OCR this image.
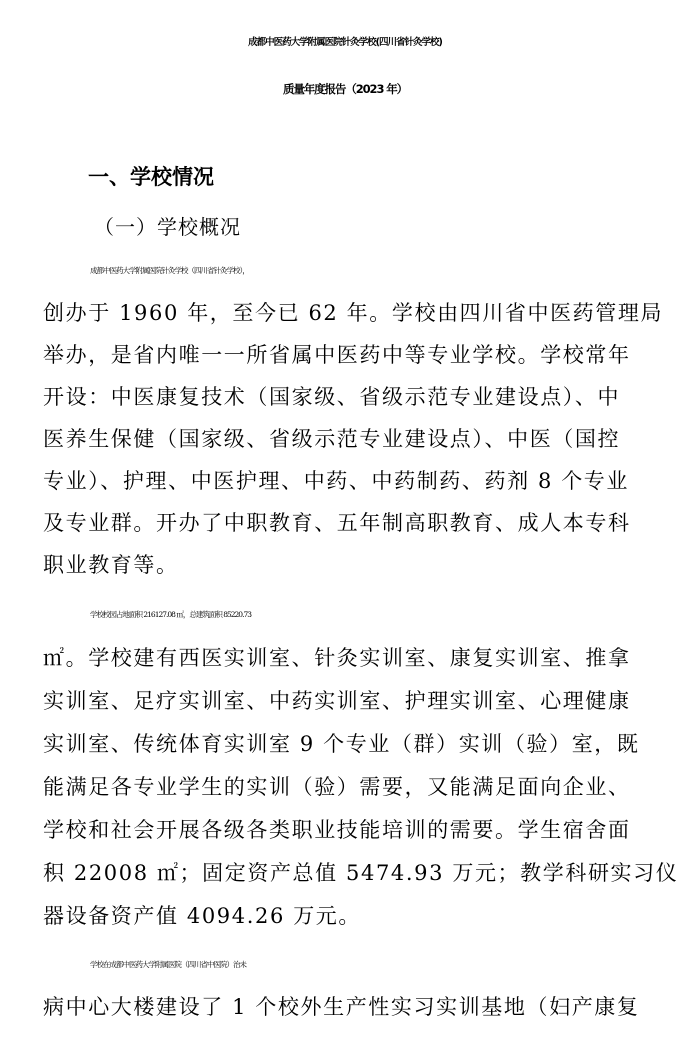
成都中医药大学附属医院针灸学校(四川省针灸学校)
质量年度报告（2023 年）
一、学校情况
（一）学校概况
成都中医药大学附属医院针灸学校（四川省针灸学校），
创办于 1960 年，至今已 62 年。学校由四川省中医药管理局
举办，是省内唯一一所省属中医药中等专业学校。学校常年
开设：中医康复技术（国家级、省级示范专业建设点）、中
医养生保健（国家级、省级示范专业建设点）、中医（国控
专业）、护理、中医护理、中药、中药制药、药剂 8 个专业
及专业群。开办了中职教育、五年制高职教育、成人本专科
职业教育等。
学校校园占地面积 216127.08 ㎡，总建筑面积 85220.73
㎡。学校建有西医实训室、针灸实训室、康复实训室、推拿
实训室、足疗实训室、中药实训室、护理实训室、心理健康
实训室、传统体育实训室 9 个专业（群）实训（验）室，既
能满足各专业学生的实训（验）需要，又能满足面向企业、
学校和社会开展各级各类职业技能培训的需要。学生宿舍面
积 22008 ㎡；固定资产总值 5474.93 万元；教学科研实习仪
器设备资产值 4094.26 万元。
学校在成都中医药大学附属医院（四川省中医院）治未
病中心大楼建设了 1 个校外生产性实习实训基地（妇产康复
